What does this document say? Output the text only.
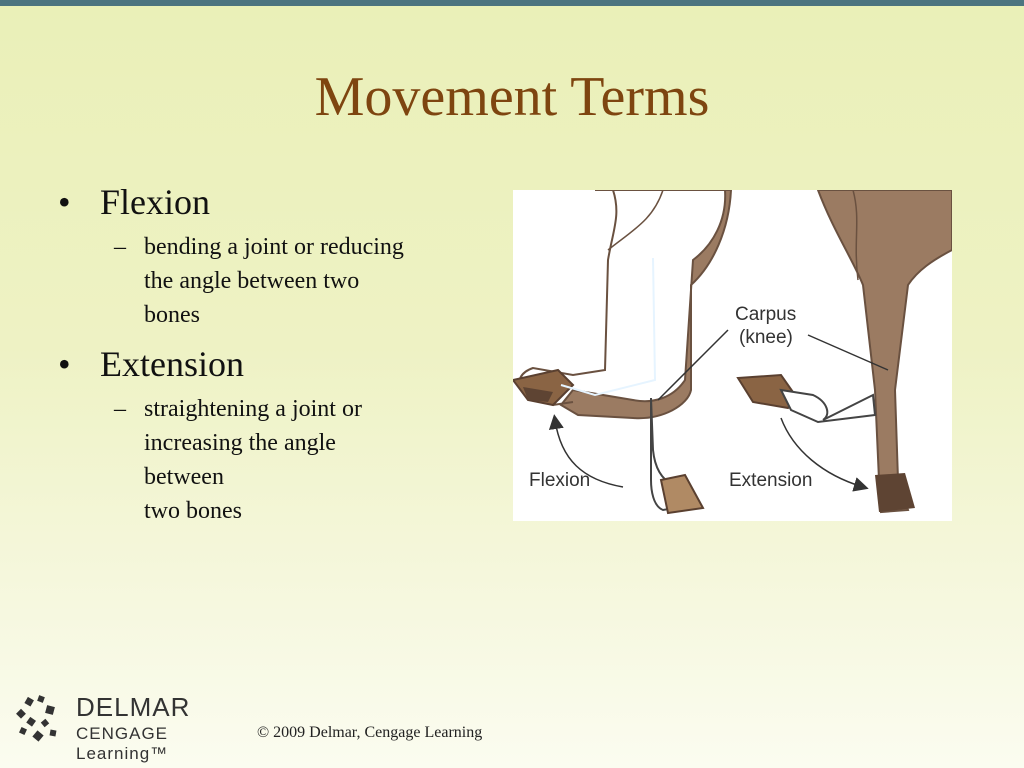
Movement Terms
• Flexion
– bending a joint or reducing
the angle between two
bones
• Extension
– straightening a joint or
increasing the angle
between
two bones
Carpus
(knee)
Flexion	Extension
DELMAR
CENGAGE Learning™
© 2009 Delmar, Cengage Learning
